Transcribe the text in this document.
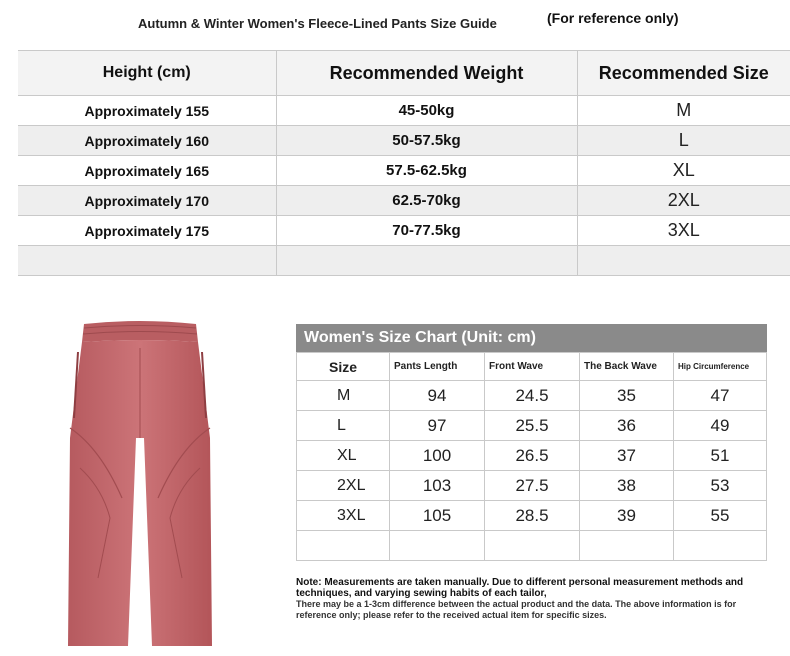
Autumn & Winter Women's Fleece-Lined Pants Size Guide	(For reference only)
Height (cm)	Recommended Weight	Recommended Size
Approximately 155	45-50kg	M
Approximately 160	50-57.5kg	L
Approximately 165	57.5-62.5kg	XL
Approximately 170	62.5-70kg	2XL
Approximately 175	70-77.5kg	3XL

Women's Size Chart (Unit: cm)
Size	Pants Length	Front Wave	The Back Wave	Hip Circumference
M	94	24.5	35	47
L	97	25.5	36	49
XL	100	26.5	37	51
2XL	103	27.5	38	53
3XL	105	28.5	39	55

Note: Measurements are taken manually. Due to different personal measurement methods and techniques, and varying sewing habits of each tailor,
There may be a 1-3cm difference between the actual product and the data. The above information is for reference only; please refer to the received actual item for specific sizes.
